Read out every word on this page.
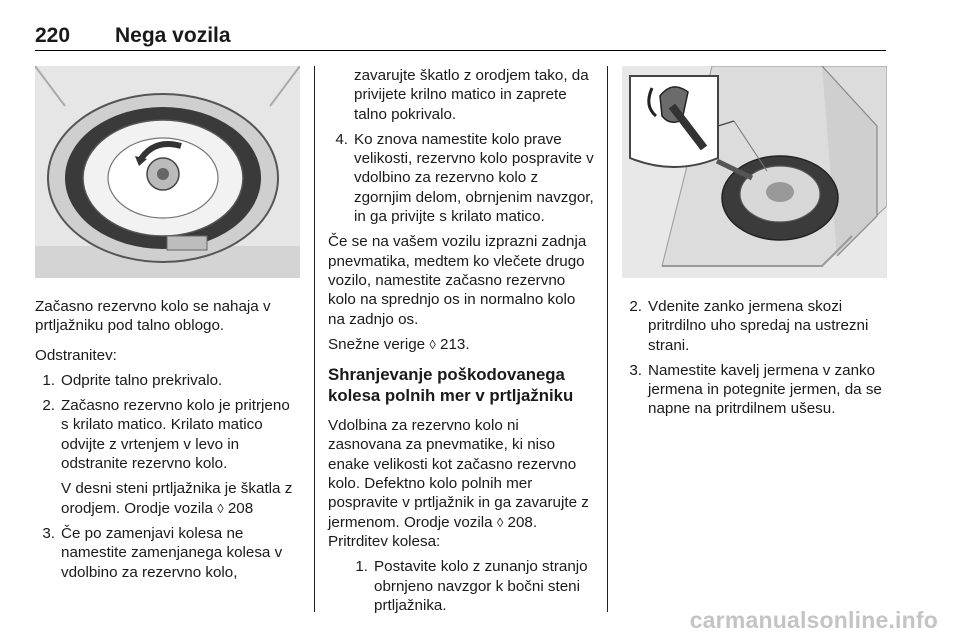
220 Nega vozila

Začasno rezervno kolo se nahaja v prtljažniku pod talno oblogo.

Odstranitev:

1. Odprite talno prekrivalo.
2. Začasno rezervno kolo je pritrjeno s krilato matico. Krilato matico odvijte z vrtenjem v levo in odstranite rezervno kolo.
V desni steni prtljažnika je škatla z orodjem. Orodje vozila ◊ 208
3. Če po zamenjavi kolesa ne namestite zamenjanega kolesa v vdolbino za rezervno kolo,
zavarujte škatlo z orodjem tako, da privijete krilno matico in zaprete talno pokrivalo.
4. Ko znova namestite kolo prave velikosti, rezervno kolo pospravite v vdolbino za rezervno kolo z zgornjim delom, obrnjenim navzgor, in ga privijte s krilato matico.

Če se na vašem vozilu izprazni zadnja pnevmatika, medtem ko vlečete drugo vozilo, namestite začasno rezervno kolo na sprednjo os in normalno kolo na zadnjo os.

Snežne verige ◊ 213.

Shranjevanje poškodovanega kolesa polnih mer v prtljažniku

Vdolbina za rezervno kolo ni zasnovana za pnevmatike, ki niso enake velikosti kot začasno rezervno kolo. Defektno kolo polnih mer pospravite v prtljažnik in ga zavarujte z jermenom. Orodje vozila ◊ 208.

Pritrditev kolesa:

1. Postavite kolo z zunanjo stranjo obrnjeno navzgor k bočni steni prtljažnika.
2. Vdenite zanko jermena skozi pritrdilno uho spredaj na ustrezni strani.
3. Namestite kavelj jermena v zanko jermena in potegnite jermen, da se napne na pritrdilnem ušesu.
carmanualsonline.info
